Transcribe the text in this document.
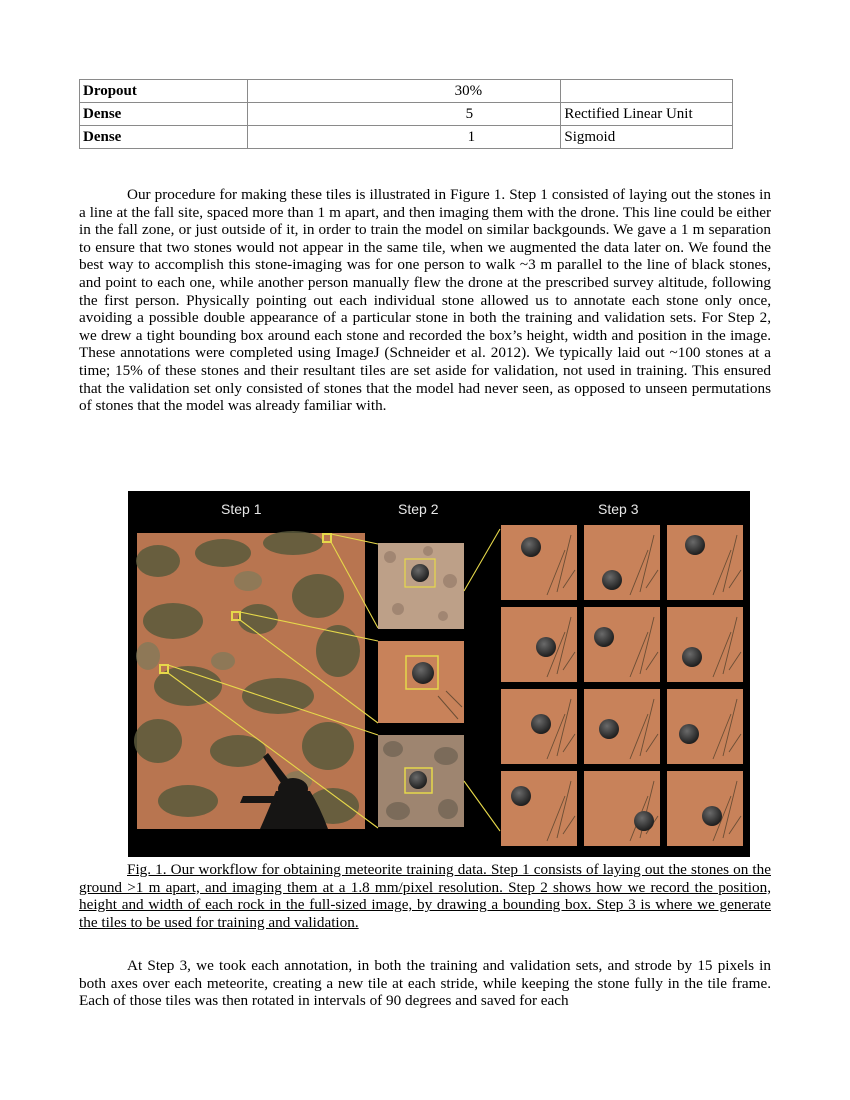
Dropout	30%	
Dense	5	Rectified Linear Unit
Dense	1	Sigmoid

Our procedure for making these tiles is illustrated in Figure 1. Step 1 consisted of laying out the stones in a line at the fall site, spaced more than 1 m apart, and then imaging them with the drone. This line could be either in the fall zone, or just outside of it, in order to train the model on similar backgounds. We gave a 1 m separation to ensure that two stones would not appear in the same tile, when we augmented the data later on. We found the best way to accomplish this stone-imaging was for one person to walk ~3 m parallel to the line of black stones, and point to each one, while another person manually flew the drone at the prescribed survey altitude, following the first person. Physically pointing out each individual stone allowed us to annotate each stone only once, avoiding a possible double appearance of a particular stone in both the training and validation sets. For Step 2, we drew a tight bounding box around each stone and recorded the box’s height, width and position in the image. These annotations were completed using ImageJ (Schneider et al. 2012). We typically laid out ~100 stones at a time; 15% of these stones and their resultant tiles are set aside for validation, not used in training. This ensured that the validation set only consisted of stones that the model had never seen, as opposed to unseen permutations of stones that the model was already familiar with.

Step 1	Step 2	Step 3

Fig. 1. Our workflow for obtaining meteorite training data. Step 1 consists of laying out the stones on the ground >1 m apart, and imaging them at a 1.8 mm/pixel resolution. Step 2 shows how we record the position, height and width of each rock in the full-sized image, by drawing a bounding box. Step 3 is where we generate the tiles to be used for training and validation.

At Step 3, we took each annotation, in both the training and validation sets, and strode by 15 pixels in both axes over each meteorite, creating a new tile at each stride, while keeping the stone fully in the tile frame. Each of those tiles was then rotated in intervals of 90 degrees and saved for each
